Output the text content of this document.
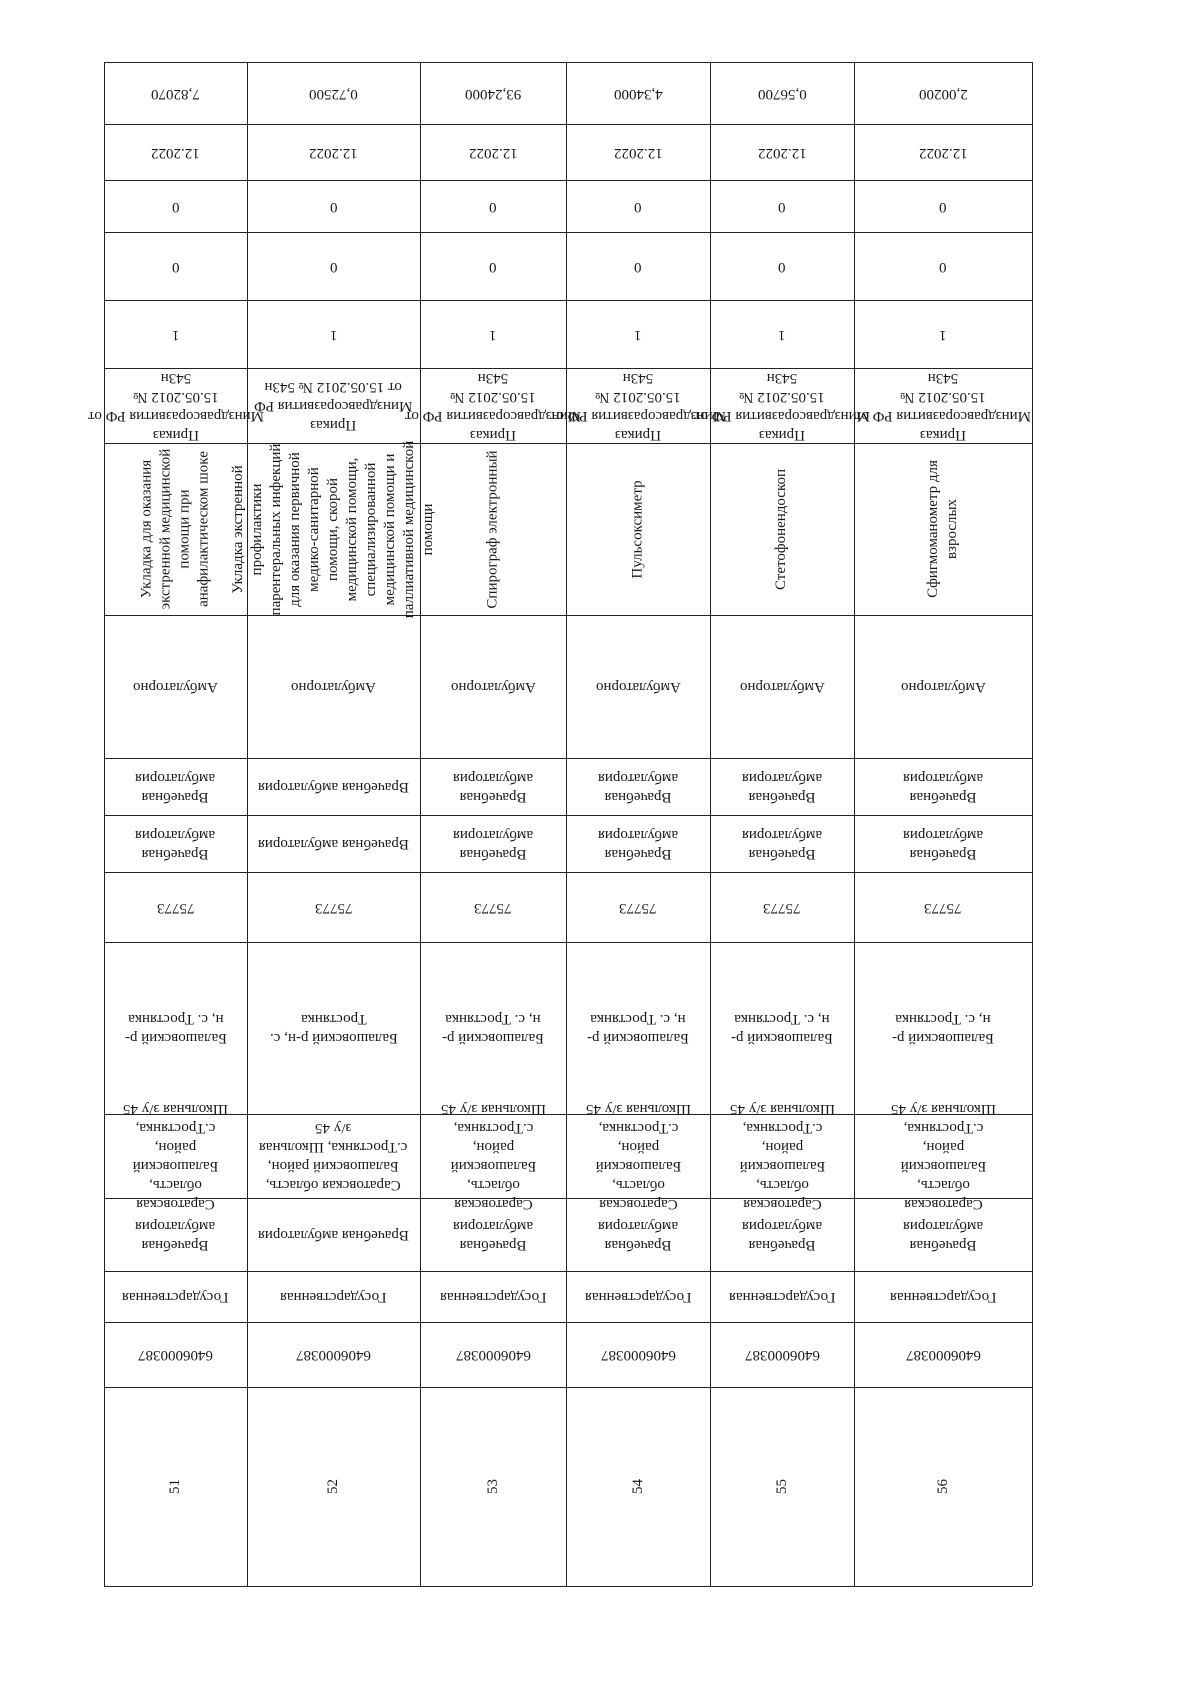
7,82070
12.2022
0
0
1
Приказ
Минздравсоразвития РФ от
15.05.2012 №
543н
Укладка для оказания
экстренной медицинской
помощи при
анафилактическом шоке
Амбулаторно
Врачебная
амбулатория
Врачебная
амбулатория
75773
Балашовский р-
н, с. Тростянка
Саратовская
область,
Балашовский
район,
с.Тростянка,
Школьная з/у 45
Врачебная
амбулатория
Государственная
6406000387
51
0,72500
12.2022
0
0
1
Приказ
Минздравсоразвития РФ
от 15.05.2012 № 543н
Укладка экстренной
профилактики
парентеральных инфекций
для оказания первичной
медико-санитарной
помощи, скорой
медицинской помощи,
специализированной
медицинской помощи и
паллиативной медицинской
помощи
Амбулаторно
Врачебная амбулатория
Врачебная амбулатория
75773
Балашовский р-н, с.
Тростянка
Саратовская область,
Балашовский район,
с.Тростянка, Школьная
з/у 45
Врачебная амбулатория
Государственная
6406000387
52
93,24000
12.2022
0
0
1
Приказ
Минздравсоразвития РФ от
15.05.2012 №
543н
Спирограф электронный
Амбулаторно
Врачебная
амбулатория
Врачебная
амбулатория
75773
Балашовский р-
н, с. Тростянка
Саратовская
область,
Балашовский
район,
с.Тростянка,
Школьная з/у 45
Врачебная
амбулатория
Государственная
6406000387
53
4,34000
12.2022
0
0
1
Приказ
Минздравсоразвития РФ от
15.05.2012 №
543н
Пульсоксиметр
Амбулаторно
Врачебная
амбулатория
Врачебная
амбулатория
75773
Балашовский р-
н, с. Тростянка
Саратовская
область,
Балашовский
район,
с.Тростянка,
Школьная з/у 45
Врачебная
амбулатория
Государственная
6406000387
54
0,56700
12.2022
0
0
1
Приказ
Минздравсоразвития РФ от
15.05.2012 №
543н
Стетофонендоскоп
Амбулаторно
Врачебная
амбулатория
Врачебная
амбулатория
75773
Балашовский р-
н, с. Тростянка
Саратовская
область,
Балашовский
район,
с.Тростянка,
Школьная з/у 45
Врачебная
амбулатория
Государственная
6406000387
55
2,00200
12.2022
0
0
1
Приказ
Минздравсоразвития РФ от
15.05.2012 №
543н
Сфигмоманометр для
взрослых
Амбулаторно
Врачебная
амбулатория
Врачебная
амбулатория
75773
Балашовский р-
н, с. Тростянка
Саратовская
область,
Балашовский
район,
с.Тростянка,
Школьная з/у 45
Врачебная
амбулатория
Государственная
6406000387
56
